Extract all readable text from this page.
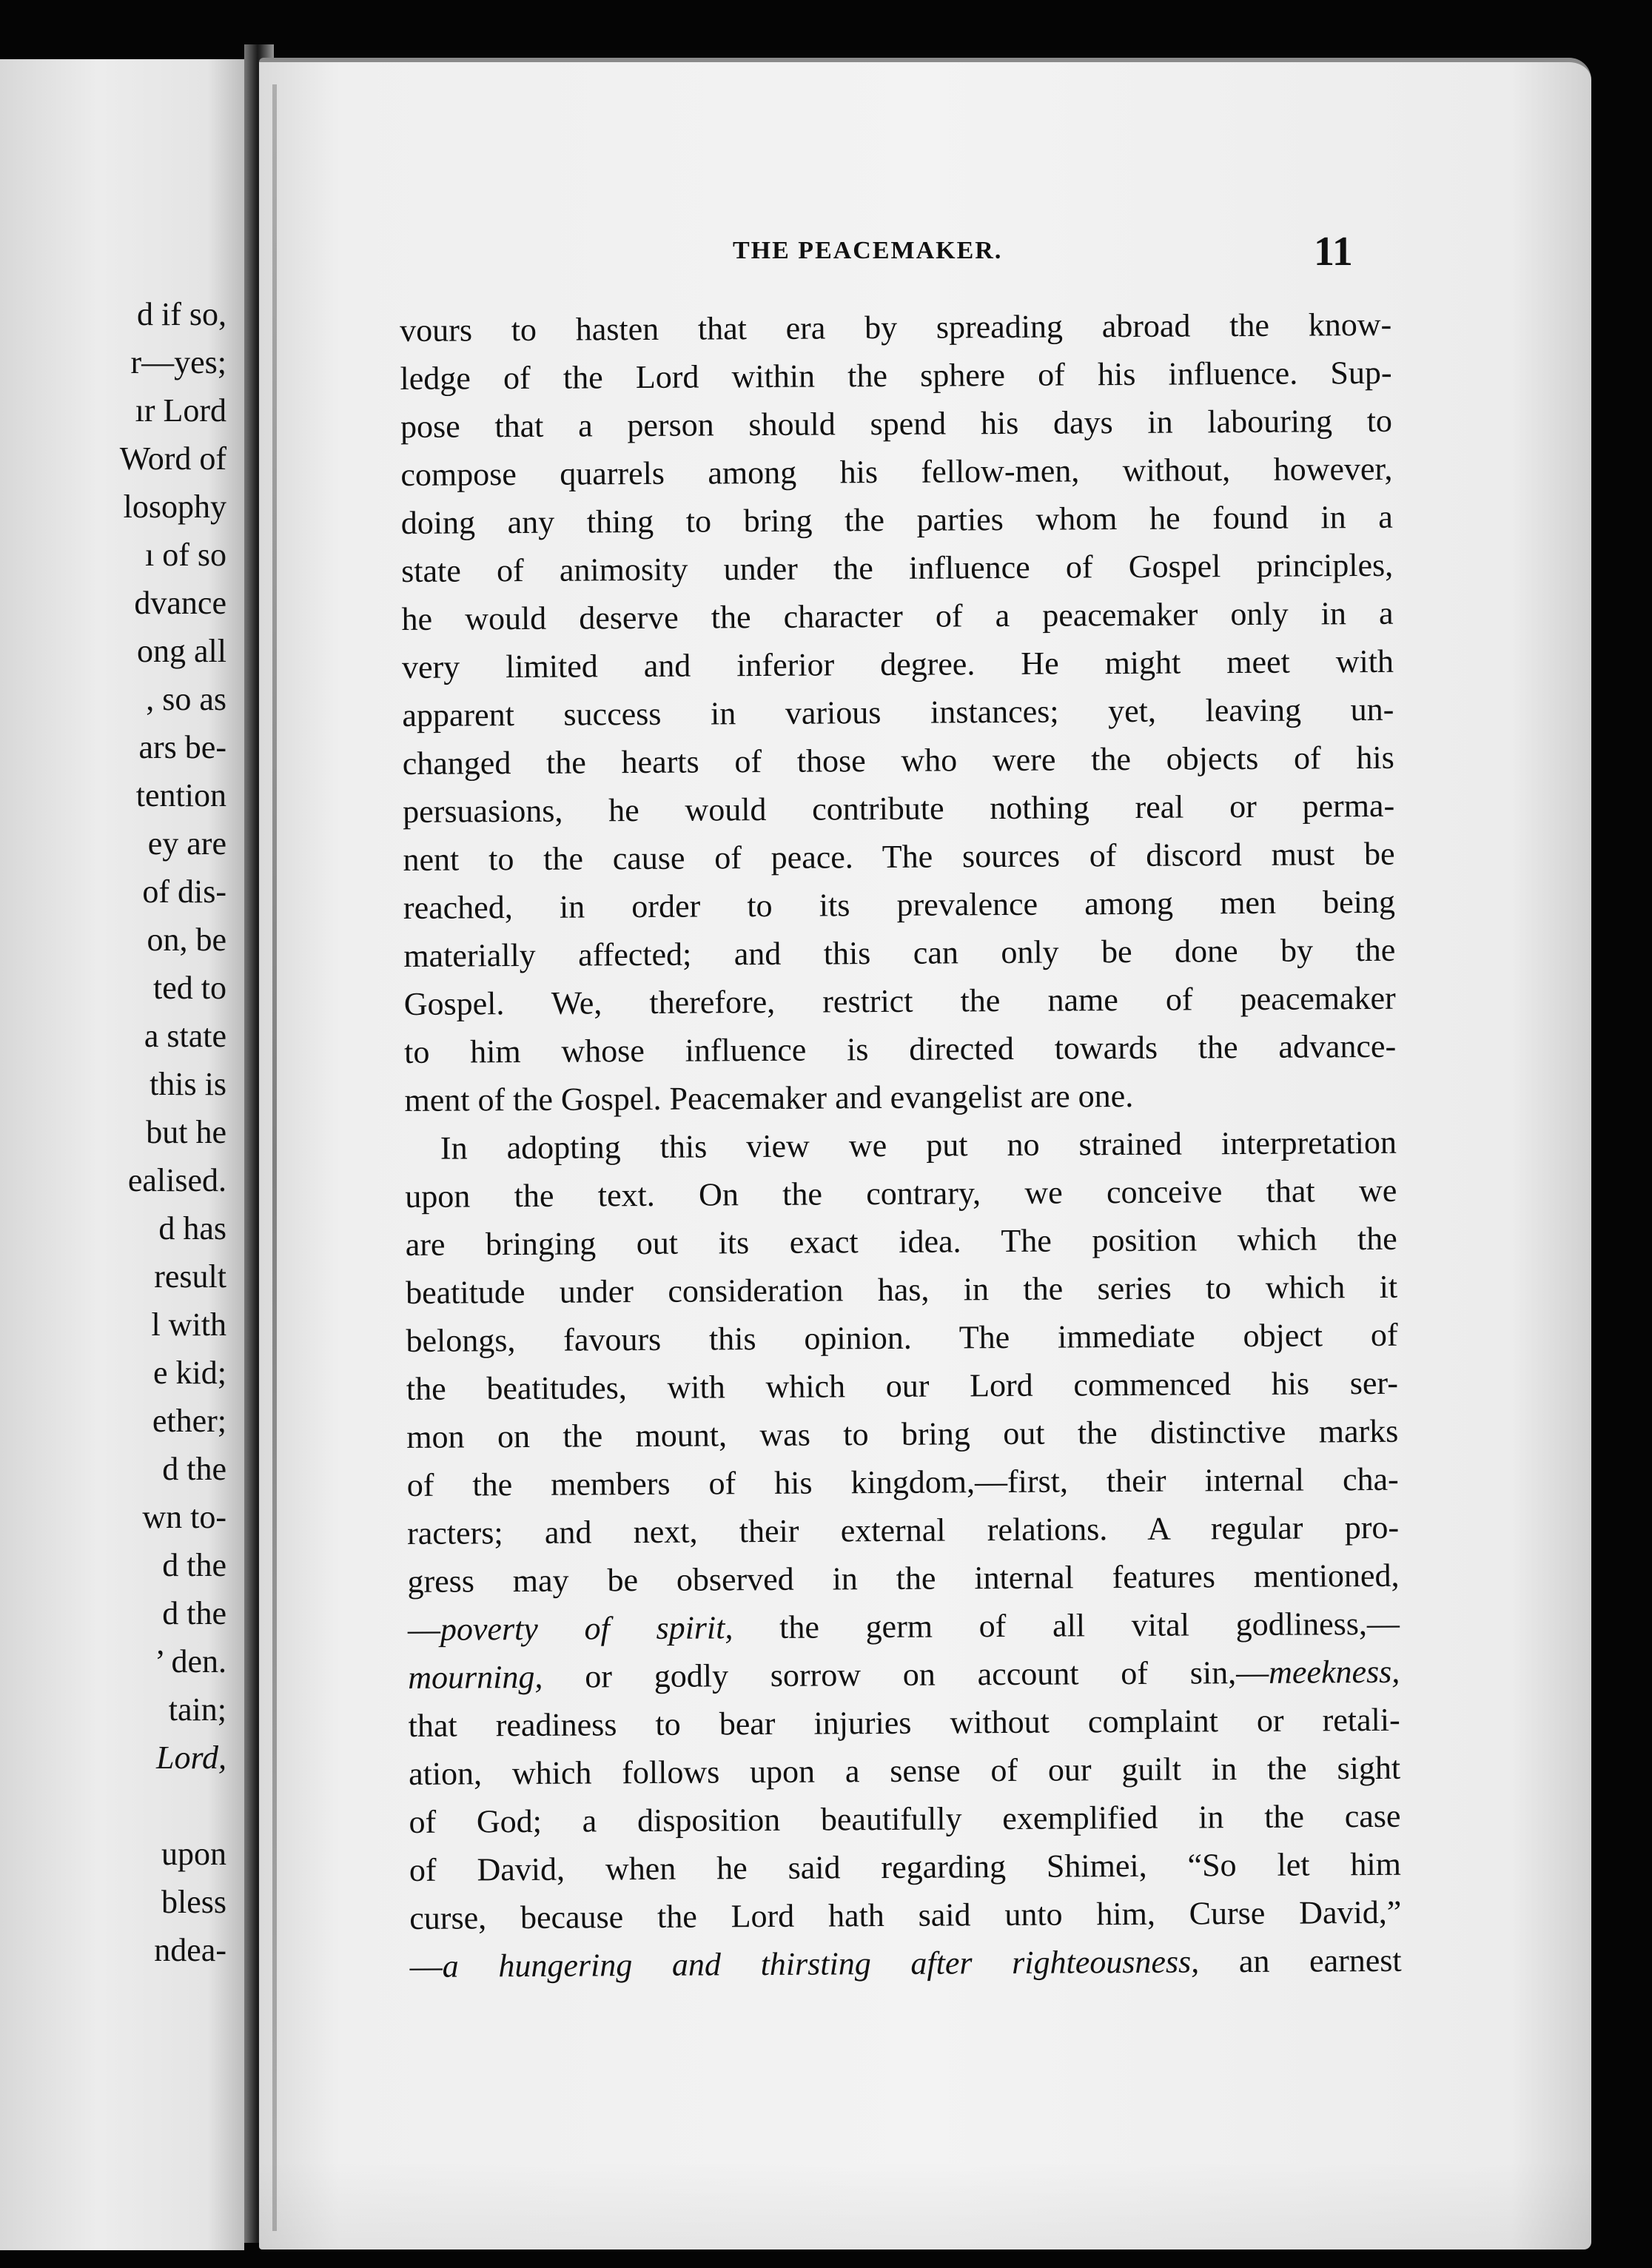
d if so,
r—yes;
ır Lord
Word of
losophy
ı of so
dvance
ong all
, so as
ars be-
tention
ey are
of dis-
on, be
ted to
a state
this is
but he
ealised.
d has
result
l with
e kid;
ether;
d the
wn to-
d the
d the
’ den.
tain;
Lord,
upon
bless
ndea-
THE PEACEMAKER.	11
vours to hasten that era by spreading abroad the know-
ledge of the Lord within the sphere of his influence. Sup-
pose that a person should spend his days in labouring to
compose quarrels among his fellow-men, without, however,
doing any thing to bring the parties whom he found in a
state of animosity under the influence of Gospel principles,
he would deserve the character of a peacemaker only in a
very limited and inferior degree. He might meet with
apparent success in various instances; yet, leaving un-
changed the hearts of those who were the objects of his
persuasions, he would contribute nothing real or perma-
nent to the cause of peace. The sources of discord must be
reached, in order to its prevalence among men being
materially affected; and this can only be done by the
Gospel. We, therefore, restrict the name of peacemaker
to him whose influence is directed towards the advance-
ment of the Gospel. Peacemaker and evangelist are one.
In adopting this view we put no strained interpretation
upon the text. On the contrary, we conceive that we
are bringing out its exact idea. The position which the
beatitude under consideration has, in the series to which it
belongs, favours this opinion. The immediate object of
the beatitudes, with which our Lord commenced his ser-
mon on the mount, was to bring out the distinctive marks
of the members of his kingdom,—first, their internal cha-
racters; and next, their external relations. A regular pro-
gress may be observed in the internal features mentioned,
—poverty of spirit, the germ of all vital godliness,—
mourning, or godly sorrow on account of sin,—meekness,
that readiness to bear injuries without complaint or retali-
ation, which follows upon a sense of our guilt in the sight
of God; a disposition beautifully exemplified in the case
of David, when he said regarding Shimei, “So let him
curse, because the Lord hath said unto him, Curse David,”
—a hungering and thirsting after righteousness, an earnest
